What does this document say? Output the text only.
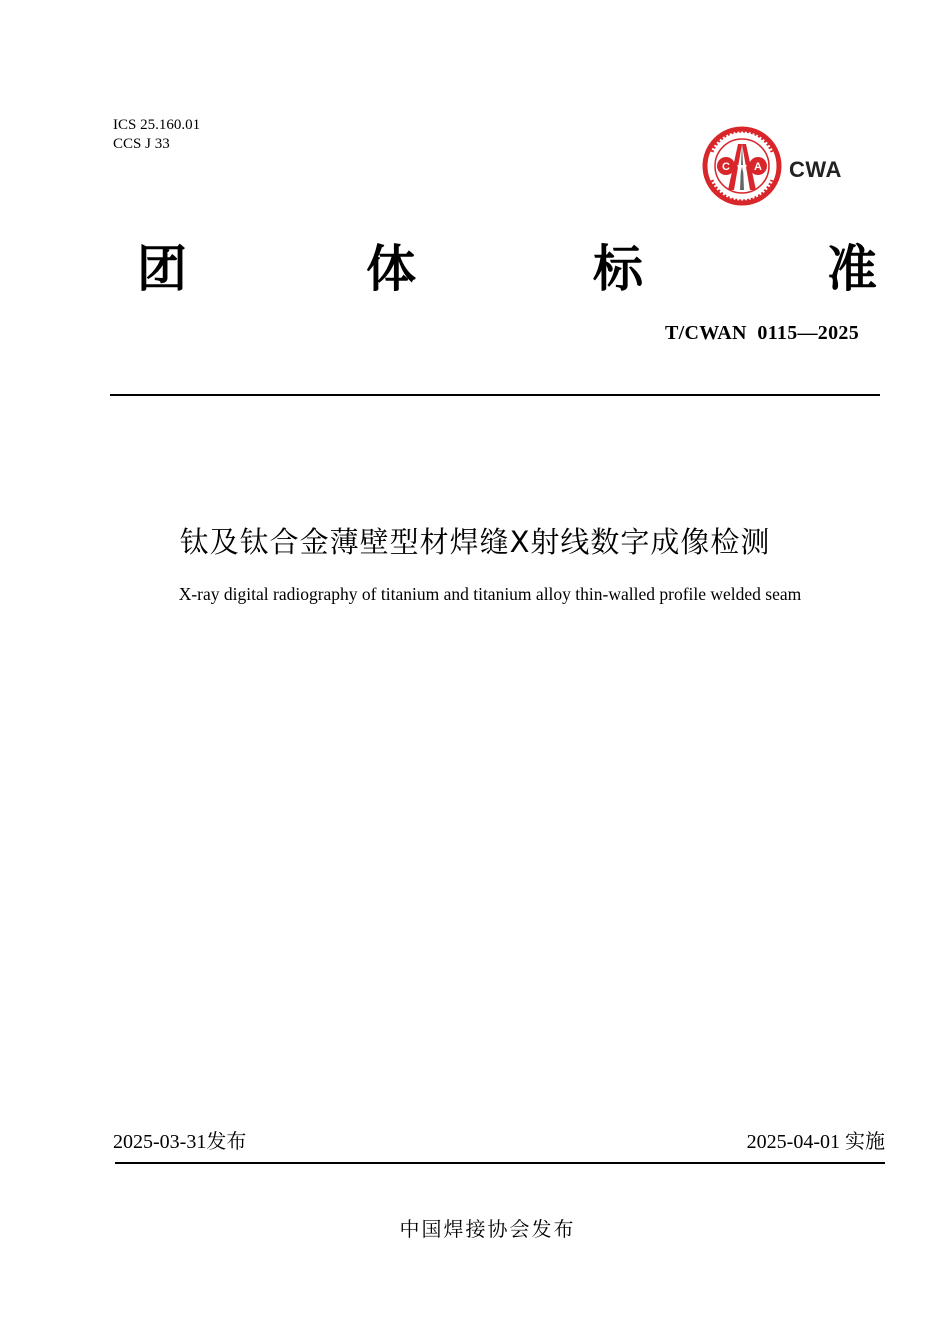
ICS 25.160.01
CCS J 33
C W A CWA
团	体	标	准
T/CWAN  0115—2025
钛及钛合金薄壁型材焊缝X射线数字成像检测
X-ray digital radiography of titanium and titanium alloy thin-walled profile welded seam
2025-03-31发布	2025-04-01 实施
中国焊接协会发布
